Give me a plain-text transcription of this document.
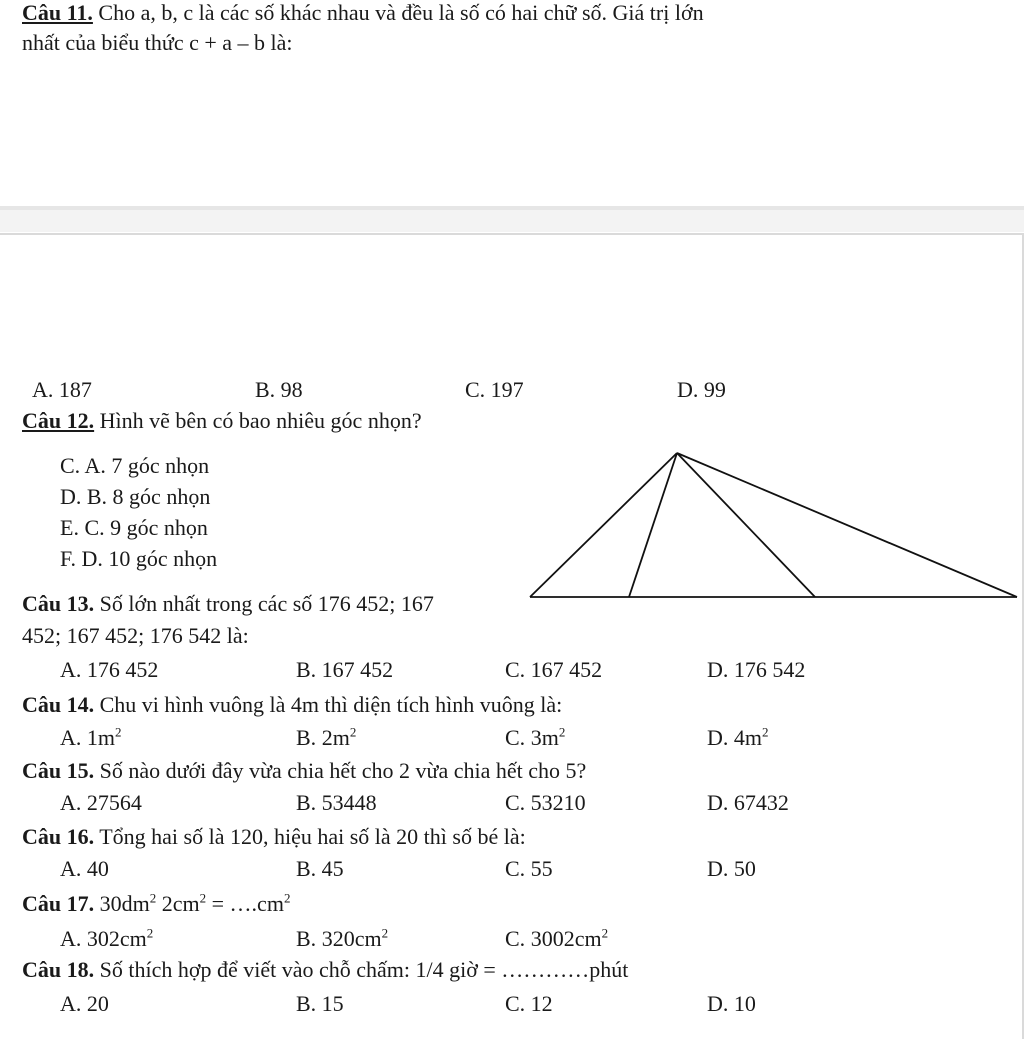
Câu 11. Cho a, b, c là các số khác nhau và đều là số có hai chữ số. Giá trị lớn
nhất của biểu thức c + a – b là:
A. 187	B. 98	C. 197	D. 99
Câu 12. Hình vẽ bên có bao nhiêu góc nhọn?
C. A. 7 góc nhọn
D. B. 8 góc nhọn
E. C. 9 góc nhọn
F. D. 10 góc nhọn
Câu 13. Số lớn nhất trong các số 176 452; 167
452; 167 452; 176 542 là:
A. 176 452	B. 167 452	C. 167 452	D. 176 542
Câu 14. Chu vi hình vuông là 4m thì diện tích hình vuông là:
A. $1m^2$	B. $2m^2$	C. $3m^2$	D. $4m^2$
Câu 15. Số nào dưới đây vừa chia hết cho 2 vừa chia hết cho 5?
A. 27564	B. 53448	C. 53210	D. 67432
Câu 16. Tổng hai số là 120, hiệu hai số là 20 thì số bé là:
A. 40	B. 45	C. 55	D. 50
Câu 17. $30dm^2$ $2cm^2$ = $\dots.cm^2$
A. $302cm^2$	B. $320cm^2$	C. $3002cm^2$
Câu 18. Số thích hợp để viết vào chỗ chấm: 1/4 giờ = …………phút
A. 20	B. 15	C. 12	D. 10
